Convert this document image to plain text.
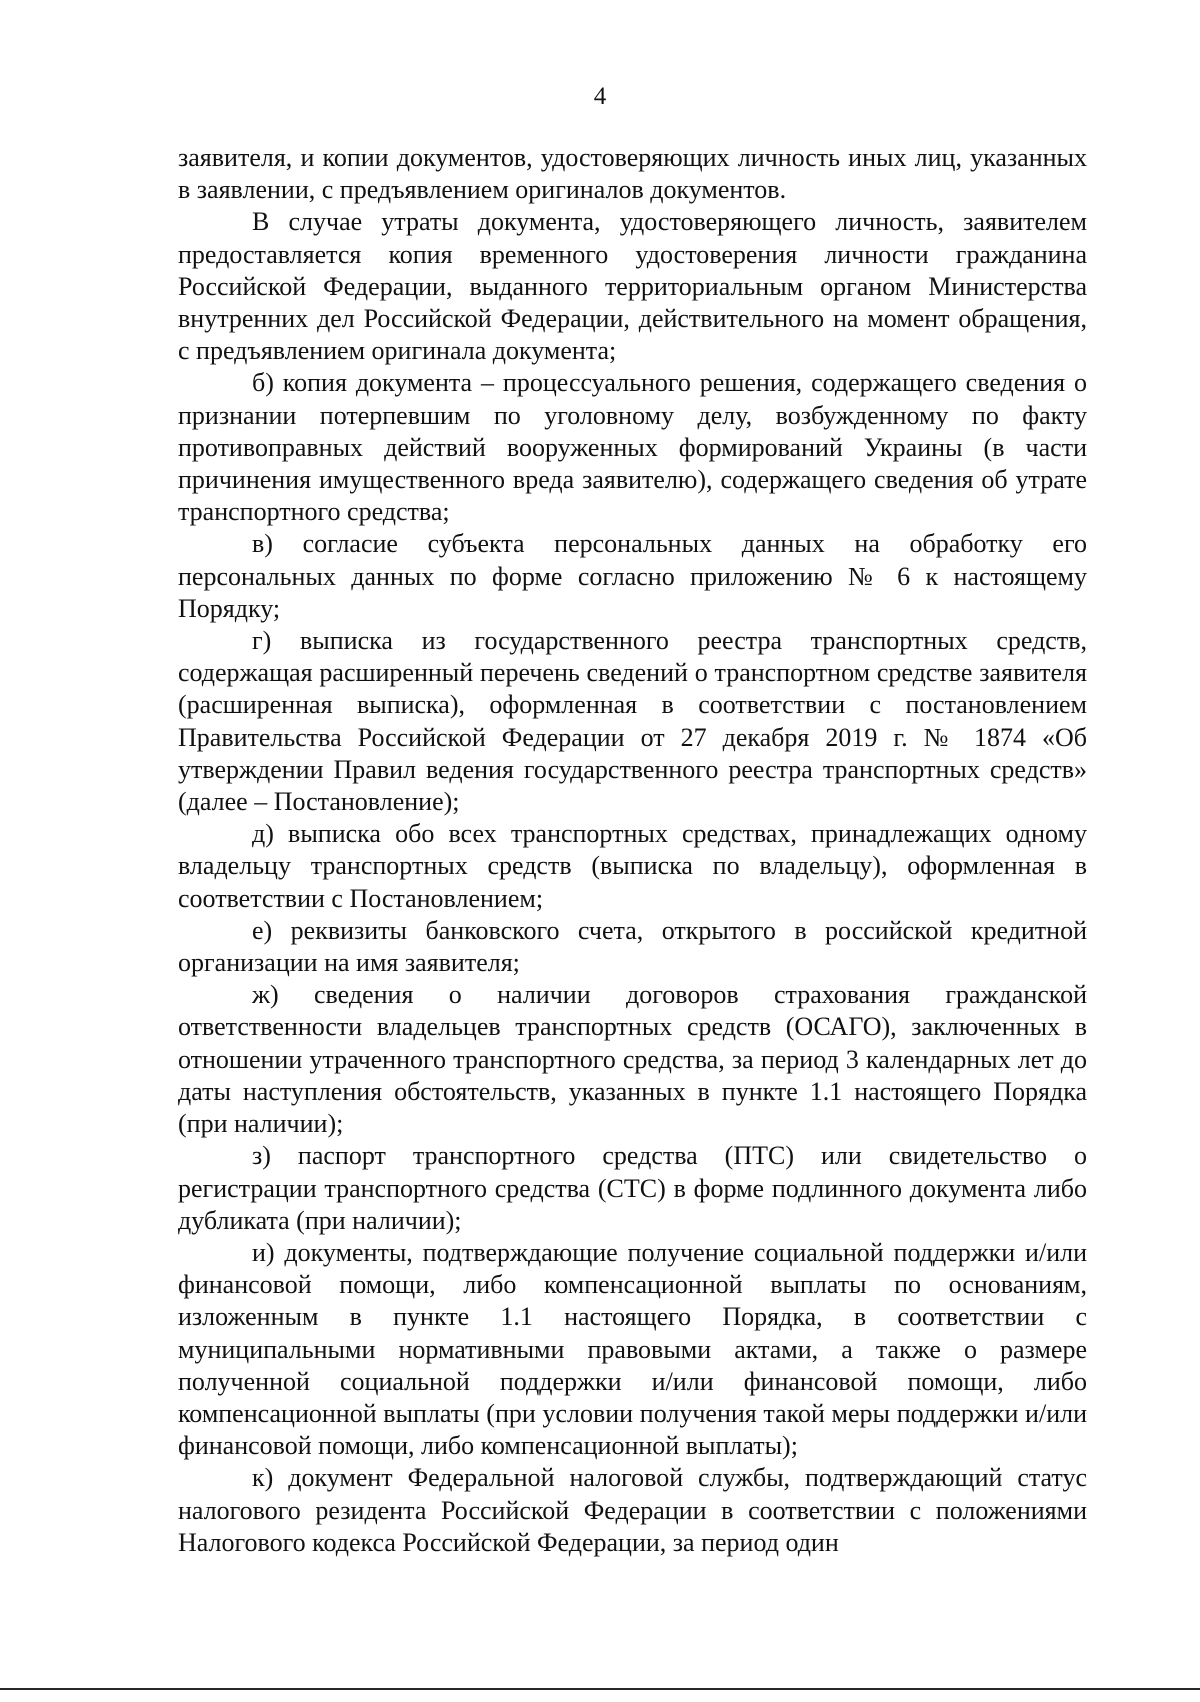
4

заявителя, и копии документов, удостоверяющих личность иных лиц, указанных в заявлении, с предъявлением оригиналов документов.

В случае утраты документа, удостоверяющего личность, заявителем предоставляется копия временного удостоверения личности гражданина Российской Федерации, выданного территориальным органом Министерства внутренних дел Российской Федерации, действительного на момент обращения, с предъявлением оригинала документа;

б) копия документа – процессуального решения, содержащего сведения о признании потерпевшим по уголовному делу, возбужденному по факту противоправных действий вооруженных формирований Украины (в части причинения имущественного вреда заявителю), содержащего сведения об утрате транспортного средства;

в) согласие субъекта персональных данных на обработку его персональных данных по форме согласно приложению № 6 к настоящему Порядку;

г) выписка из государственного реестра транспортных средств, содержащая расширенный перечень сведений о транспортном средстве заявителя (расширенная выписка), оформленная в соответствии с постановлением Правительства Российской Федерации от 27 декабря 2019 г. № 1874 «Об утверждении Правил ведения государственного реестра транспортных средств» (далее – Постановление);

д) выписка обо всех транспортных средствах, принадлежащих одному владельцу транспортных средств (выписка по владельцу), оформленная в соответствии с Постановлением;

е) реквизиты банковского счета, открытого в российской кредитной организации на имя заявителя;

ж) сведения о наличии договоров страхования гражданской ответственности владельцев транспортных средств (ОСАГО), заключенных в отношении утраченного транспортного средства, за период 3 календарных лет до даты наступления обстоятельств, указанных в пункте 1.1 настоящего Порядка (при наличии);

з) паспорт транспортного средства (ПТС) или свидетельство о регистрации транспортного средства (СТС) в форме подлинного документа либо дубликата (при наличии);

и) документы, подтверждающие получение социальной поддержки и/или финансовой помощи, либо компенсационной выплаты по основаниям, изложенным в пункте 1.1 настоящего Порядка, в соответствии с муниципальными нормативными правовыми актами, а также о размере полученной социальной поддержки и/или финансовой помощи, либо компенсационной выплаты (при условии получения такой меры поддержки и/или финансовой помощи, либо компенсационной выплаты);

к) документ Федеральной налоговой службы, подтверждающий статус налогового резидента Российской Федерации в соответствии с положениями Налогового кодекса Российской Федерации, за период один
